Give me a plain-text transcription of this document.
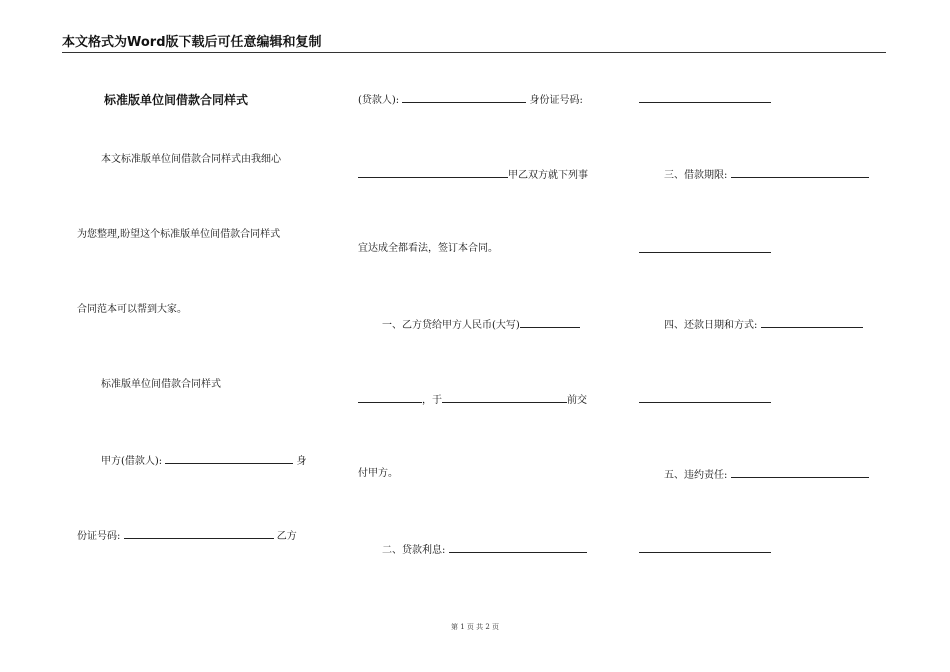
本文格式为Word版下载后可任意编辑和复制
标准版单位间借款合同样式
本文标准版单位间借款合同样式由我细心
为您整理,盼望这个标准版单位间借款合同样式
合同范本可以帮到大家。
标准版单位间借款合同样式
甲方(借款人):	身
份证号码:	乙方
(贷款人):	身份证号码:
甲乙双方就下列事
宜达成全都看法，签订本合同。
一、乙方贷给甲方人民币(大写)
，于	前交
付甲方。
二、贷款利息:
三、借款期限:
四、还款日期和方式:
五、违约责任:
第 1 页 共 2 页
